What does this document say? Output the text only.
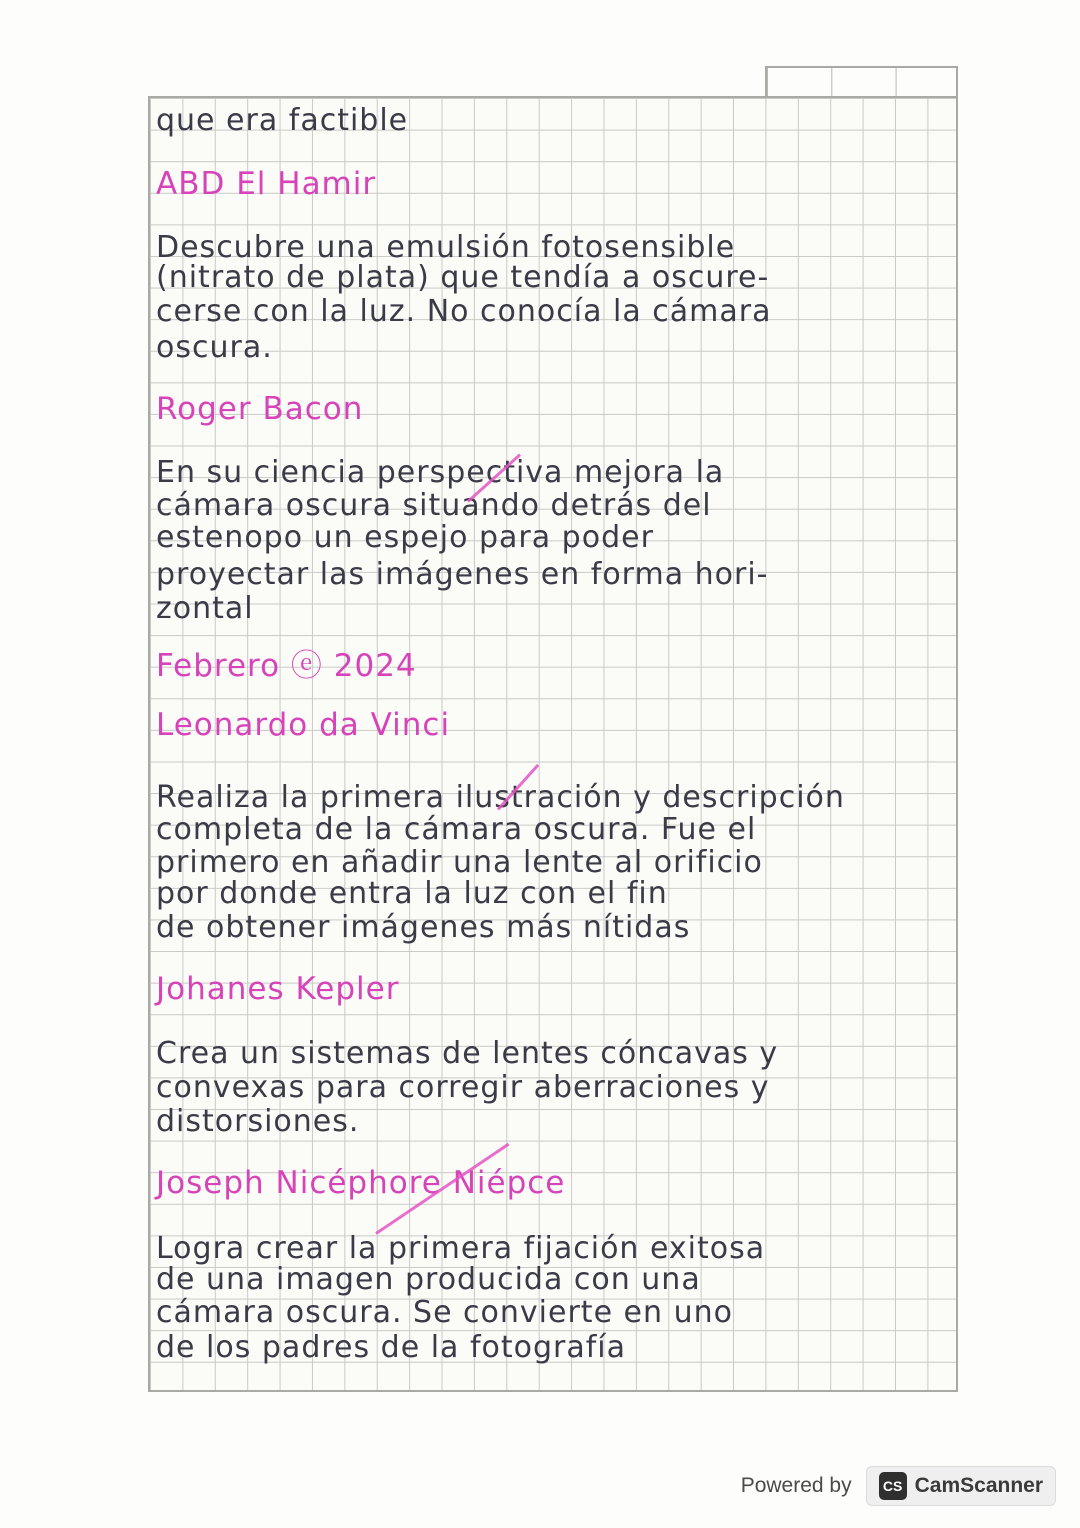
que era factible
ABD El Hamir
Descubre una emulsión fotosensible
(nitrato de plata) que tendía a oscure-
cerse con la luz. No conocía la cámara
oscura.
Roger Bacon
En su ciencia perspectiva mejora la
cámara oscura situando detrás del
estenopo un espejo para poder
proyectar las imágenes en forma hori-
zontal
Febrero ⓔ 2024
Leonardo da Vinci
Realiza la primera ilustración y descripción
completa de la cámara oscura. Fue el
primero en añadir una lente al orificio
por donde entra la luz con el fin
de obtener imágenes más nítidas
Johanes Kepler
Crea un sistemas de lentes cóncavas y
convexas para corregir aberraciones y
distorsiones.
Joseph Nicéphore Niépce
Logra crear la primera fijación exitosa
de una imagen producida con una
cámara oscura. Se convierte en uno
de los padres de la fotografía
Powered by	CS CamScanner
